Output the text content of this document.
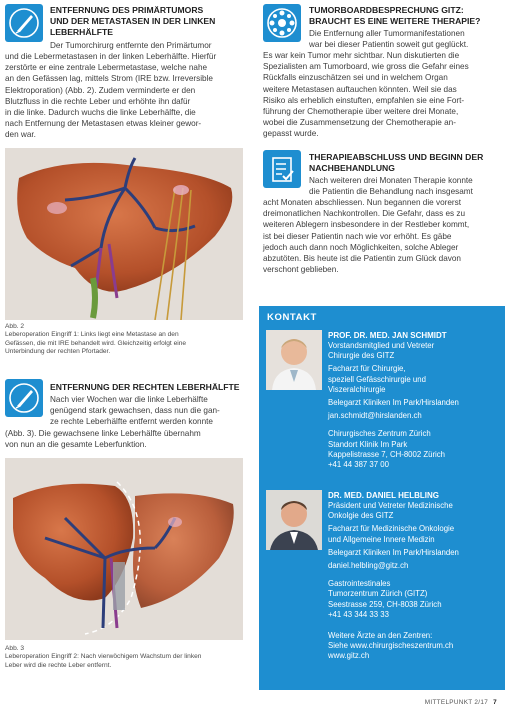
ENTFERNUNG DES PRIMÄRTUMORS
UND DER METASTASEN IN DER LINKEN
LEBERHÄLFTE
Der Tumorchirurg entfernte den Primärtumor
und die Lebermetastasen in der linken Leberhälfte. Hierfür
zerstörte er eine zentrale Lebermetastase, welche nahe
an den Gefässen lag, mittels Strom (IRE bzw. Irreversible
Elektroporation) (Abb. 2). Zudem verminderte er den
Blutzfluss in die rechte Leber und erhöhte ihn dafür
in die linke. Dadurch wuchs die linke Leberhälfte, die
nach Entfernung der Metastasen etwas kleiner gewor-
den war.
Abb. 2
Leberoperation Eingriff 1: Links liegt eine Metastase an den
Gefässen, die mit IRE behandelt wird. Gleichzeitig erfolgt eine
Unterbindung der rechten Pfortader.
ENTFERNUNG DER RECHTEN LEBERHÄLFTE
Nach vier Wochen war die linke Leberhälfte
genügend stark gewachsen, dass nun die gan-
ze rechte Leberhälfte entfernt werden konnte
(Abb. 3). Die gewachsene linke Leberhälfte übernahm
von nun an die gesamte Leberfunktion.
Abb. 3
Leberoperation Eingriff 2: Nach vierwöchigem Wachstum der linken
Leber wird die rechte Leber entfernt.
TUMORBOARDBESPRECHUNG GITZ:
BRAUCHT ES EINE WEITERE THERAPIE?
Die Entfernung aller Tumormanifestationen
war bei dieser Patientin soweit gut geglückt.
Es war kein Tumor mehr sichtbar. Nun diskutierten die
Spezialisten am Tumorboard, wie gross die Gefahr eines
Rückfalls einzuschätzen sei und in welchem Organ
weitere Metastasen auftauchen könnten. Weil sie das
Risiko als erheblich einstuften, empfahlen sie eine Fort-
führung der Chemotherapie über weitere drei Monate,
wobei die Zusammensetzung der Chemotherapie an-
gepasst wurde.
THERAPIEABSCHLUSS UND BEGINN DER
NACHBEHANDLUNG
Nach weiteren drei Monaten Therapie konnte
die Patientin die Behandlung nach insgesamt
acht Monaten abschliessen. Nun begannen die vorerst
dreimonatlichen Nachkontrollen. Die Gefahr, dass es zu
weiteren Ablegern insbesondere in der Restleber kommt,
ist bei dieser Patientin nach wie vor erhöht. Es gäbe
jedoch auch dann noch Möglichkeiten, solche Ableger
abzutöten. Bis heute ist die Patientin zum Glück davon
verschont geblieben.
KONTAKT
PROF. DR. MED. JAN SCHMIDT
Vorstandsmitglied und Vetreter
Chirurgie des GITZ
Facharzt für Chirurgie,
speziell Gefässchirurgie und
Viszeralchirurgie
Belegarzt Kliniken Im Park/Hirslanden
jan.schmidt@hirslanden.ch
Chirurgisches Zentrum Zürich
Standort Klinik Im Park
Kappelistrasse 7, CH-8002 Zürich
+41 44 387 37 00
DR. MED. DANIEL HELBLING
Präsident und Vetreter Medizinische
Onkolgie des GITZ
Facharzt für Medizinische Onkologie
und Allgemeine Innere Medizin
Belegarzt Kliniken Im Park/Hirslanden
daniel.helbling@gitz.ch
Gastrointestinales
Tumorzentrum Zürich (GITZ)
Seestrasse 259, CH-8038 Zürich
+41 43 344 33 33
Weitere Ärzte an den Zentren:
Siehe www.chirurgischeszentrum.ch
www.gitz.ch
MITTELPUNKT 2/17 7
